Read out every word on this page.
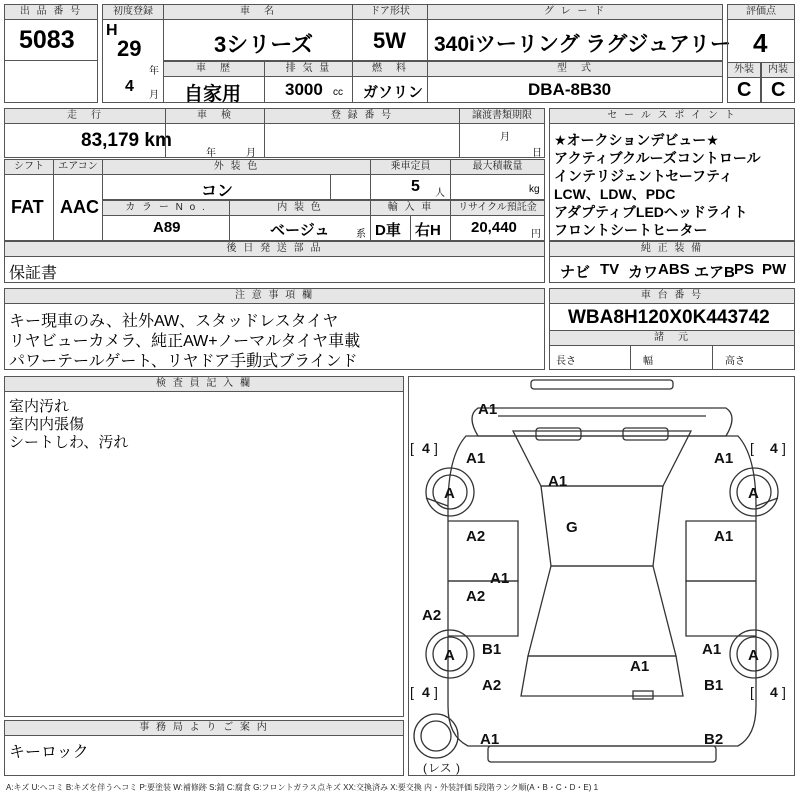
出 品 番 号
5083
初度登録
H
29
年
4
月
車　名
3シリーズ
ドア形状
5W
グ レ ー ド
340iツーリング ラグジュアリー
評価点
4
車　歴
自家用
排 気 量
3000 cc
燃　料
ガソリン
型　式
DBA-8B30
外装
C
内装
C
走　行
83,179 km
車　検
年	月
登 録 番 号	譲渡書類期限
月
日
シフト
FAT
エアコン
AAC
外 装 色
コン
乗車定員
5 人
最大積載量
kg
カ ラ ー N o .
A89
内 装 色
ベージュ	系
輸 入 車
D車 右H
リサイクル預託金
20,440 円
後 日 発 送 部 品
保証書
セ ー ル ス ポ イ ン ト
★オークションデビュー★
アクティブクルーズコントロール
インテリジェントセーフティ
LCW、LDW、PDC
アダプティブLEDヘッドライト
フロントシートヒーター
純 正 装 備
ナビ TV カワ ABS エアB PS PW
注 意 事 項 欄
キー現車のみ、社外AW、スタッドレスタイヤ
リヤビューカメラ、純正AW+ノーマルタイヤ車載
パワーテールゲート、リヤドア手動式ブラインド
車 台 番 号
WBA8H120X0K443742
諸　元
長さ	幅	高さ
検 査 員 記 入 欄
室内汚れ
室内内張傷
シートしわ、汚れ
事 務 局 よ り ご 案 内
キーロック
A	A
A	A
[ 4 ]	[ 4 ]
[ 4 ]	[ 4 ]
( レス )
A1
A1	A1
A1
G
A2	A1
A1
A2
A2
B1	A1
A1
A2	B1
A1	B2
A:キズ U:ヘコミ B:キズを伴うヘコミ P:要塗装 W:補修跡 S:錆 C:腐食 G:フロントガラス点キズ XX:交換済み X:要交換 内・外装評価 5段階ランク順(A・B・C・D・E) 1
